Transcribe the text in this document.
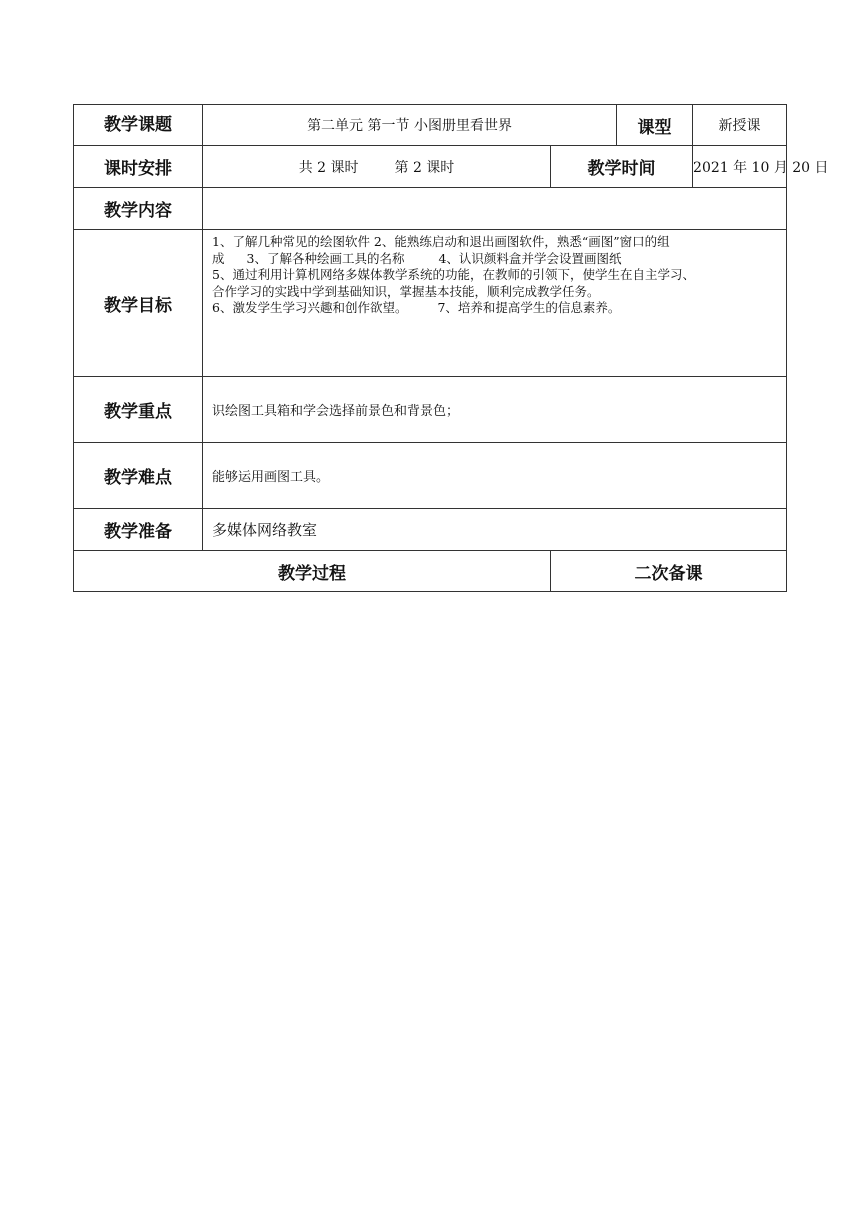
教学课题	第二单元 第一节 小图册里看世界		课型	新授课
课时安排	共 2 课时 第 2 课时	教学时间		2021 年 10 月 20 日
教学内容				
教学目标	1、了解几种常见的绘图软件 2、能熟练启动和退出画图软件，熟悉“画图”窗口的组
成 3、了解各种绘画工具的名称 4、认识颜料盒并学会设置画图纸
5、通过利用计算机网络多媒体教学系统的功能，在教师的引领下，使学生在自主学习、
合作学习的实践中学到基础知识，掌握基本技能，顺利完成教学任务。
6、激发学生学习兴趣和创作欲望。 7、培养和提高学生的信息素养。			

教学重点	识绘图工具箱和学会选择前景色和背景色；			
教学难点	能够运用画图工具。			
教学准备	多媒体网络教室			
教学过程		二次备课		
